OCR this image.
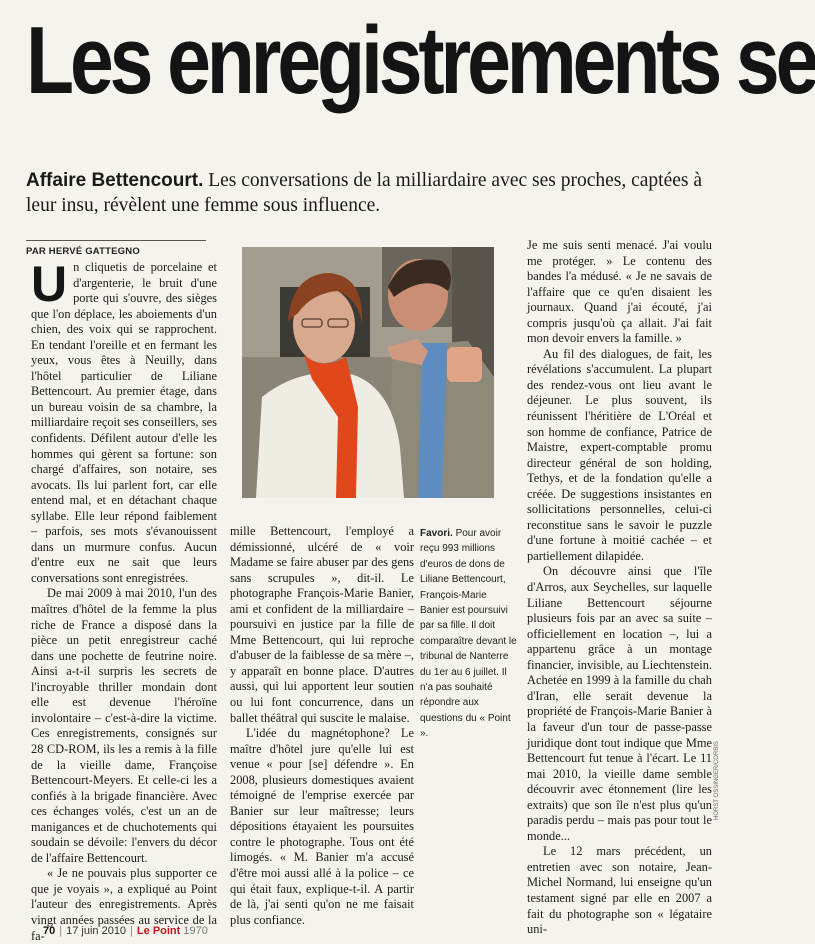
Les enregistrements se

Affaire Bettencourt. Les conversations de la milliardaire avec ses proches, captées à leur insu, révèlent une femme sous influence.

PAR HERVÉ GATTEGNO

Un cliquetis de porcelaine et d'argenterie, le bruit d'une porte qui s'ouvre, des sièges que l'on déplace, les aboiements d'un chien, des voix qui se rapprochent. En tendant l'oreille et en fermant les yeux, vous êtes à Neuilly, dans l'hôtel particulier de Liliane Bettencourt. Au premier étage, dans un bureau voisin de sa chambre, la milliardaire reçoit ses conseillers, ses confidents. Défilent autour d'elle les hommes qui gèrent sa fortune: son chargé d'affaires, son notaire, ses avocats. Ils lui parlent fort, car elle entend mal, et en détachant chaque syllabe. Elle leur répond faiblement – parfois, ses mots s'évanouissent dans un murmure confus. Aucun d'entre eux ne sait que leurs conversations sont enregistrées.

De mai 2009 à mai 2010, l'un des maîtres d'hôtel de la femme la plus riche de France a disposé dans la pièce un petit enregistreur caché dans une pochette de feutrine noire. Ainsi a-t-il surpris les secrets de l'incroyable thriller mondain dont elle est devenue l'héroïne involontaire – c'est-à-dire la victime. Ces enregistrements, consignés sur 28 CD-ROM, ils les a remis à la fille de la vieille dame, Françoise Bettencourt-Meyers. Et celle-ci les a confiés à la brigade financière. Avec ces échanges volés, c'est un an de manigances et de chuchotements qui soudain se dévoile: l'envers du décor de l'affaire Bettencourt.

« Je ne pouvais plus supporter ce que je voyais », a expliqué au Point l'auteur des enregistrements. Après vingt années passées au service de la fa-

mille Bettencourt, l'employé a démissionné, ulcéré de « voir Madame se faire abuser par des gens sans scrupules », dit-il. Le photographe François-Marie Banier, ami et confident de la milliardaire – poursuivi en justice par la fille de Mme Bettencourt, qui lui reproche d'abuser de la faiblesse de sa mère –, y apparaît en bonne place. D'autres aussi, qui lui apportent leur soutien ou lui font concurrence, dans un ballet théâtral qui suscite le malaise.

L'idée du magnétophone? Le maître d'hôtel jure qu'elle lui est venue « pour [se] défendre ». En 2008, plusieurs domestiques avaient témoigné de l'emprise exercée par Banier sur leur maîtresse; leurs dépositions étayaient les poursuites contre le photographe. Tous ont été limogés. « M. Banier m'a accusé d'être moi aussi allé à la police – ce qui était faux, explique-t-il. A partir de là, j'ai senti qu'on ne me faisait plus confiance.

Favori. Pour avoir reçu 993 millions d'euros de dons de Liliane Bettencourt, François-Marie Banier est poursuivi par sa fille. Il doit comparaître devant le tribunal de Nanterre du 1er au 6 juillet. Il n'a pas souhaité répondre aux questions du « Point ».

Je me suis senti menacé. J'ai voulu me protéger. » Le contenu des bandes l'a médusé. « Je ne savais de l'affaire que ce qu'en disaient les journaux. Quand j'ai écouté, j'ai compris jusqu'où ça allait. J'ai fait mon devoir envers la famille. »

Au fil des dialogues, de fait, les révélations s'accumulent. La plupart des rendez-vous ont lieu avant le déjeuner. Le plus souvent, ils réunissent l'héritière de L'Oréal et son homme de confiance, Patrice de Maistre, expert-comptable promu directeur général de son holding, Tethys, et de la fondation qu'elle a créée. De suggestions insistantes en sollicitations personnelles, celui-ci reconstitue sans le savoir le puzzle d'une fortune à moitié cachée – et partiellement dilapidée.

On découvre ainsi que l'île d'Arros, aux Seychelles, sur laquelle Liliane Bettencourt séjourne plusieurs fois par an avec sa suite – officiellement en location –, lui a appartenu grâce à un montage financier, invisible, au Liechtenstein. Achetée en 1999 à la famille du chah d'Iran, elle serait devenue la propriété de François-Marie Banier à la faveur d'un tour de passe-passe juridique dont tout indique que Mme Bettencourt fut tenue à l'écart. Le 11 mai 2010, la vieille dame semble découvrir avec étonnement (lire les extraits) que son île n'est plus qu'un paradis perdu – mais pas pour tout le monde...

Le 12 mars précédent, un entretien avec son notaire, Jean-Michel Normand, lui enseigne qu'un testament signé par elle en 2007 a fait du photographe son « légataire uni-

HORST OSSINGER/CORBIS
70 | 17 juin 2010 | Le Point 1970
